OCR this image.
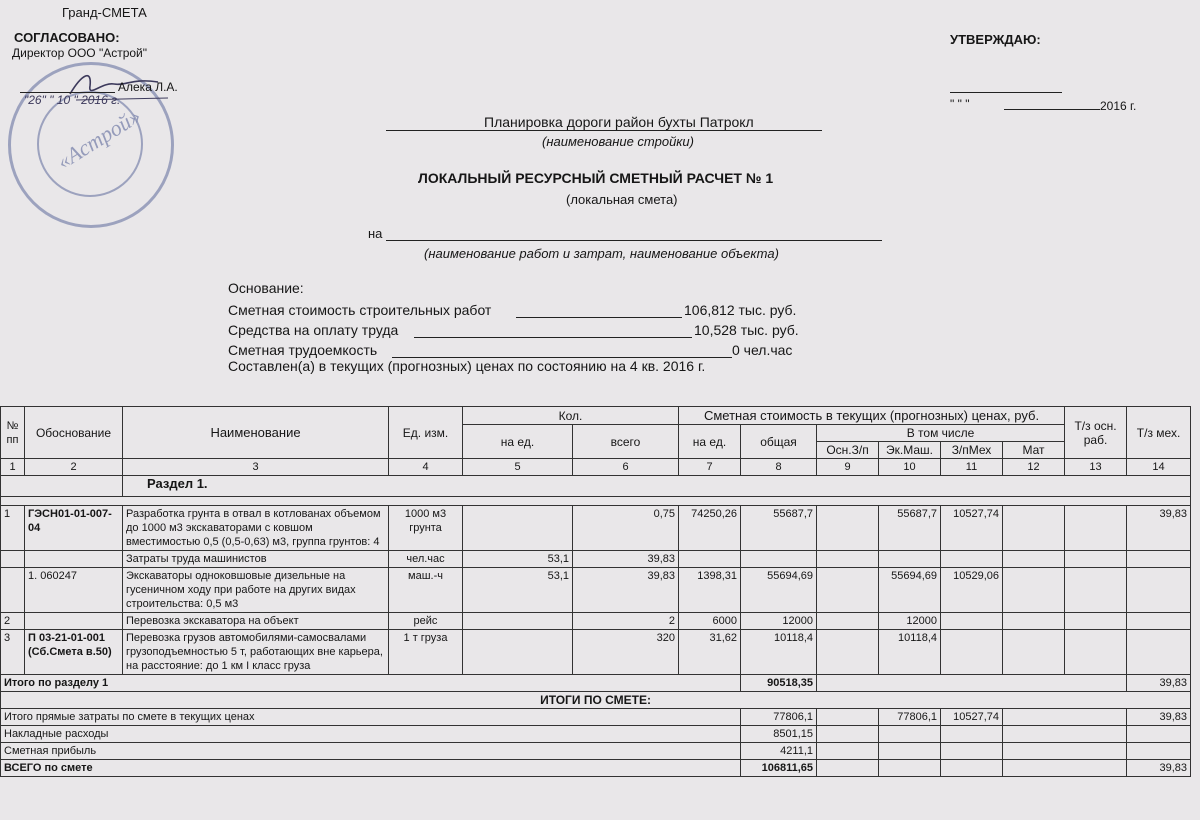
Гранд-СМЕТА
СОГЛАСОВАНО:
Директор ООО "Астрой"
«Астрой»
Алека Л.А.
"26" " 10 " 2016 г.
УТВЕРЖДАЮ:
" " "	2016 г.
Планировка дороги район бухты Патрокл
(наименование стройки)
ЛОКАЛЬНЫЙ РЕСУРСНЫЙ СМЕТНЫЙ РАСЧЕТ № 1
(локальная смета)
на
(наименование работ и затрат, наименование объекта)
Основание:
Сметная стоимость строительных работ	106,812 тыс. руб.
Средства на оплату труда	10,528 тыс. руб.
Сметная трудоемкость	0 чел.час
Составлен(а) в текущих (прогнозных) ценах по состоянию на 4 кв. 2016 г.
№ пп	Обоснование	Наименование	Ед. изм.	Кол.		Сметная стоимость в текущих (прогнозных) ценах, руб.						Т/з осн. раб.	Т/з мех.
				на ед.	всего	на ед.	общая	В том числе					
								Осн.З/п	Эк.Маш.	З/пМех	Мат		
1	2	3	4	5	6	7	8	9	10	11	12	13	14
		Раздел 1.											

1	ГЭСН01-01-007-04	Разработка грунта в отвал в котлованах объемом до 1000 м3 экскаваторами с ковшом вместимостью 0,5 (0,5-0,63) м3, группа грунтов: 4	1000 м3 грунта		0,75	74250,26	55687,7		55687,7	10527,74			39,83
		Затраты труда машинистов	чел.час	53,1	39,83								
	1. 060247	Экскаваторы одноковшовые дизельные на гусеничном ходу при работе на других видах строительства: 0,5 м3	маш.-ч	53,1	39,83	1398,31	55694,69		55694,69	10529,06			
2		Перевозка экскаватора на объект	рейс		2	6000	12000		12000				
3	П 03-21-01-001 (Сб.Смета в.50)	Перевозка грузов автомобилями-самосвалами грузоподъемностью 5 т, работающих вне карьера, на расстояние: до 1 км I класс груза	1 т груза		320	31,62	10118,4		10118,4				
Итого по разделу 1							90518,35						39,83
ИТОГИ ПО СМЕТЕ:													
Итого прямые затраты по смете в текущих ценах							77806,1		77806,1	10527,74			39,83
Накладные расходы							8501,15						
Сметная прибыль							4211,1						
ВСЕГО по смете							106811,65						39,83
